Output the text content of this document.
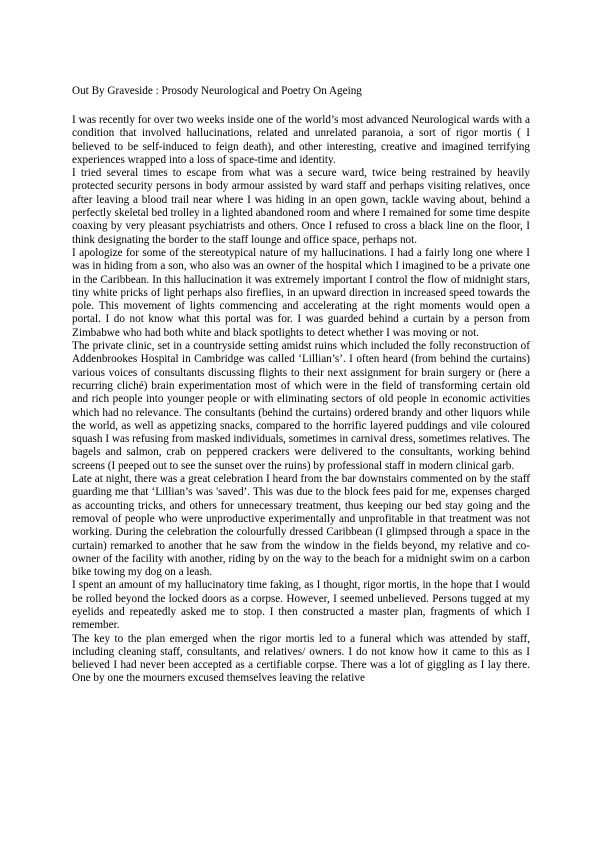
Out By Graveside : Prosody Neurological and Poetry On Ageing

I was recently for over two weeks inside one of the world’s most advanced Neurological wards with a condition that involved hallucinations, related and unrelated paranoia, a sort of rigor mortis ( I believed to be self-induced to feign death), and other interesting, creative and imagined terrifying experiences wrapped into a loss of space-time and identity.

I tried several times to escape from what was a secure ward, twice being restrained by heavily protected security persons in body armour assisted by ward staff and perhaps visiting relatives, once after leaving a blood trail near where I was hiding in an open gown, tackle waving about, behind a perfectly skeletal bed trolley in a lighted abandoned room and where I remained for some time despite coaxing by very pleasant psychiatrists and others. Once I refused to cross a black line on the floor, I think designating the border to the staff lounge and office space, perhaps not.

I apologize for some of the stereotypical nature of my hallucinations. I had a fairly long one where I was in hiding from a son, who also was an owner of the hospital which I imagined to be a private one in the Caribbean. In this hallucination it was extremely important I control the flow of midnight stars, tiny white pricks of light perhaps also fireflies, in an upward direction in increased speed towards the pole. This movement of lights commencing and accelerating at the right moments would open a portal. I do not know what this portal was for. I was guarded behind a curtain by a person from Zimbabwe who had both white and black spotlights to detect whether I was moving or not.

The private clinic, set in a countryside setting amidst ruins which included the folly reconstruction of Addenbrookes Hospital in Cambridge was called ‘Lillian’s’. I often heard (from behind the curtains) various voices of consultants discussing flights to their next assignment for brain surgery or (here a recurring cliché) brain experimentation most of which were in the field of transforming certain old and rich people into younger people or with eliminating sectors of old people in economic activities which had no relevance. The consultants (behind the curtains) ordered brandy and other liquors while the world, as well as appetizing snacks, compared to the horrific layered puddings and vile coloured squash I was refusing from masked individuals, sometimes in carnival dress, sometimes relatives. The bagels and salmon, crab on peppered crackers were delivered to the consultants, working behind screens (I peeped out to see the sunset over the ruins) by professional staff in modern clinical garb.

Late at night, there was a great celebration I heard from the bar downstairs commented on by the staff guarding me that ‘Lillian’s was 'saved’. This was due to the block fees paid for me, expenses charged as accounting tricks, and others for unnecessary treatment, thus keeping our bed stay going and the removal of people who were unproductive experimentally and unprofitable in that treatment was not working. During the celebration the colourfully dressed Caribbean (I glimpsed through a space in the curtain) remarked to another that he saw from the window in the fields beyond, my relative and co-owner of the facility with another, riding by on the way to the beach for a midnight swim on a carbon bike towing my dog on a leash.

I spent an amount of my hallucinatory time faking, as I thought, rigor mortis, in the hope that I would be rolled beyond the locked doors as a corpse. However, I seemed unbelieved. Persons tugged at my eyelids and repeatedly asked me to stop. I then constructed a master plan, fragments of which I remember.

The key to the plan emerged when the rigor mortis led to a funeral which was attended by staff, including cleaning staff, consultants, and relatives/ owners. I do not know how it came to this as I believed I had never been accepted as a certifiable corpse. There was a lot of giggling as I lay there. One by one the mourners excused themselves leaving the relative
